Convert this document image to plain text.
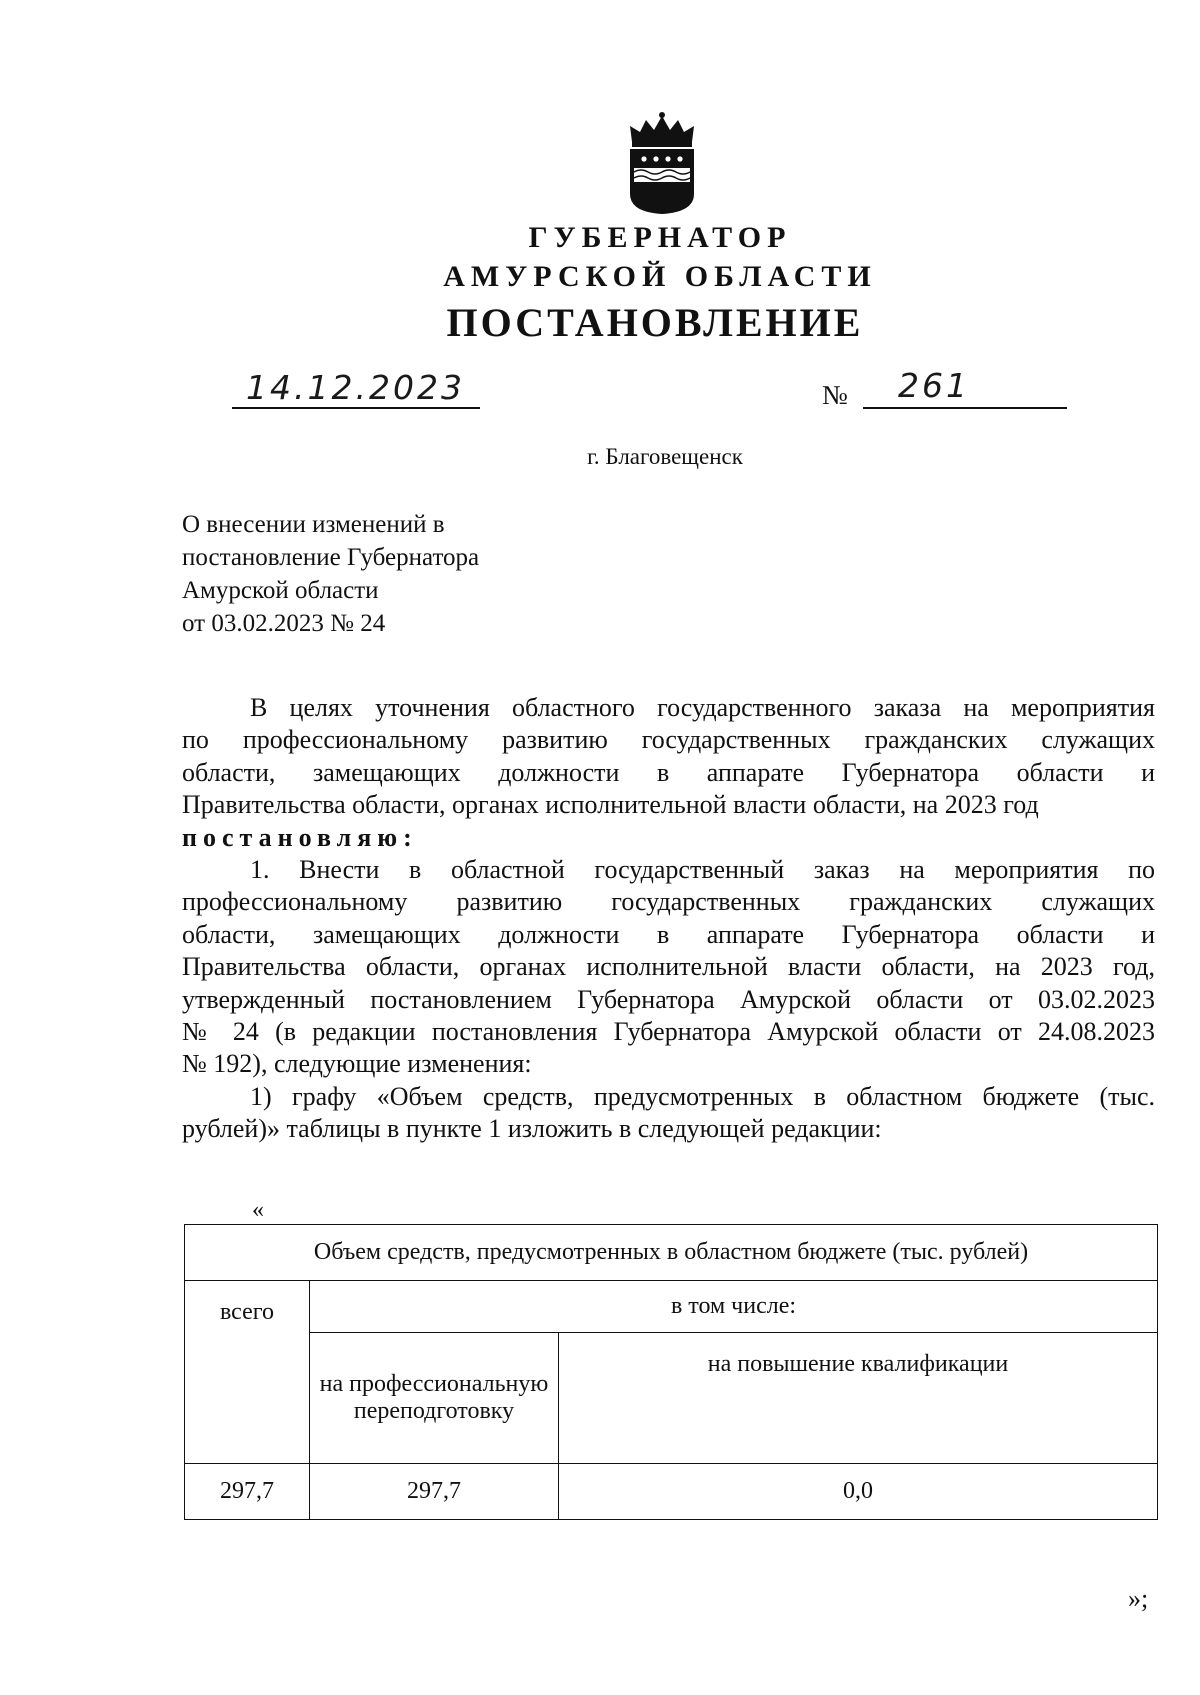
ГУБЕРНАТОР
АМУРСКОЙ ОБЛАСТИ
ПОСТАНОВЛЕНИЕ
14.12.2023	№ 261
г. Благовещенск
О внесении изменений в
постановление Губернатора
Амурской области
от 03.02.2023 № 24
В целях уточнения областного государственного заказа на мероприятия
по профессиональному развитию государственных гражданских служащих
области, замещающих должности в аппарате Губернатора области и
Правительства области, органах исполнительной власти области, на 2023 год
постановляю:
1. Внести в областной государственный заказ на мероприятия по
профессиональному развитию государственных гражданских служащих
области, замещающих должности в аппарате Губернатора области и
Правительства области, органах исполнительной власти области, на 2023 год,
утвержденный постановлением Губернатора Амурской области от 03.02.2023
№ 24 (в редакции постановления Губернатора Амурской области от 24.08.2023
№ 192), следующие изменения:
1) графу «Объем средств, предусмотренных в областном бюджете (тыс.
рублей)» таблицы в пункте 1 изложить в следующей редакции:
«
Объем средств, предусмотренных в областном бюджете (тыс. рублей)		
всего	в том числе:	
	на профессиональную переподготовку	на повышение квалификации
297,7	297,7	0,0
»;
